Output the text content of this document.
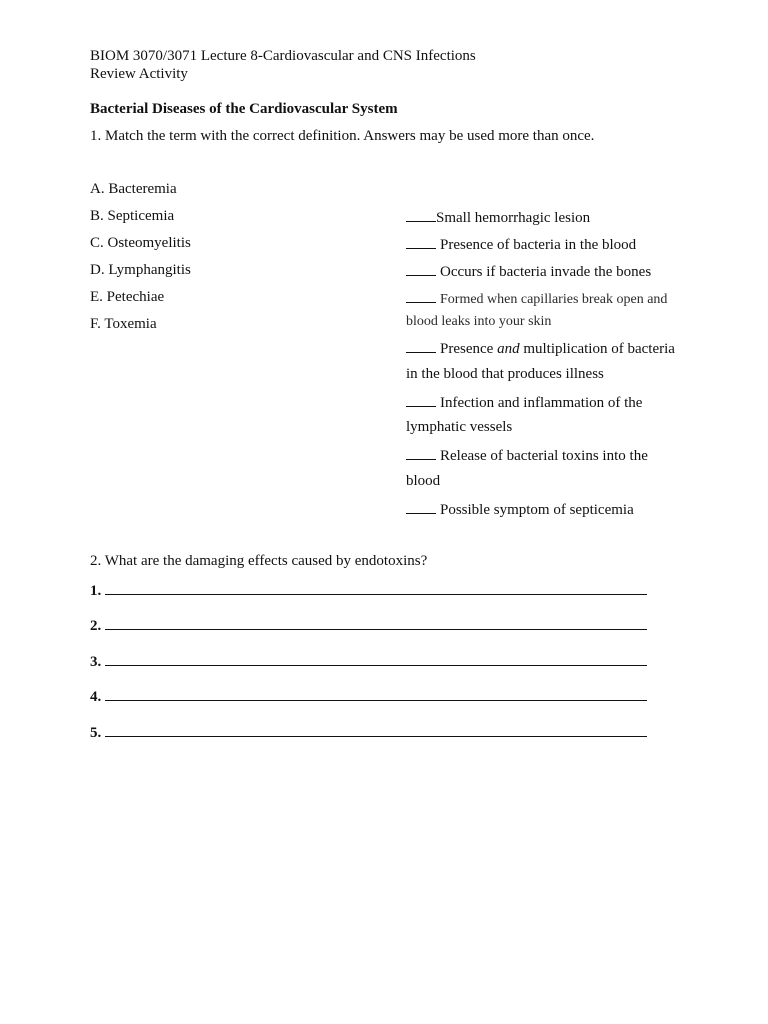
BIOM 3070/3071 Lecture 8-Cardiovascular and CNS Infections
Review Activity
Bacterial Diseases of the Cardiovascular System
1. Match the term with the correct definition. Answers may be used more than once.
A. Bacteremia
B. Septicemia
C. Osteomyelitis
D. Lymphangitis
E. Petechiae
F. Toxemia
Small hemorrhagic lesion
Presence of bacteria in the blood
Occurs if bacteria invade the bones
Formed when capillaries break open and
blood leaks into your skin
Presence and multiplication of bacteria
in the blood that produces illness
Infection and inflammation of the
lymphatic vessels
Release of bacterial toxins into the
blood
Possible symptom of septicemia
2. What are the damaging effects caused by endotoxins?
1.
2.
3.
4.
5.
